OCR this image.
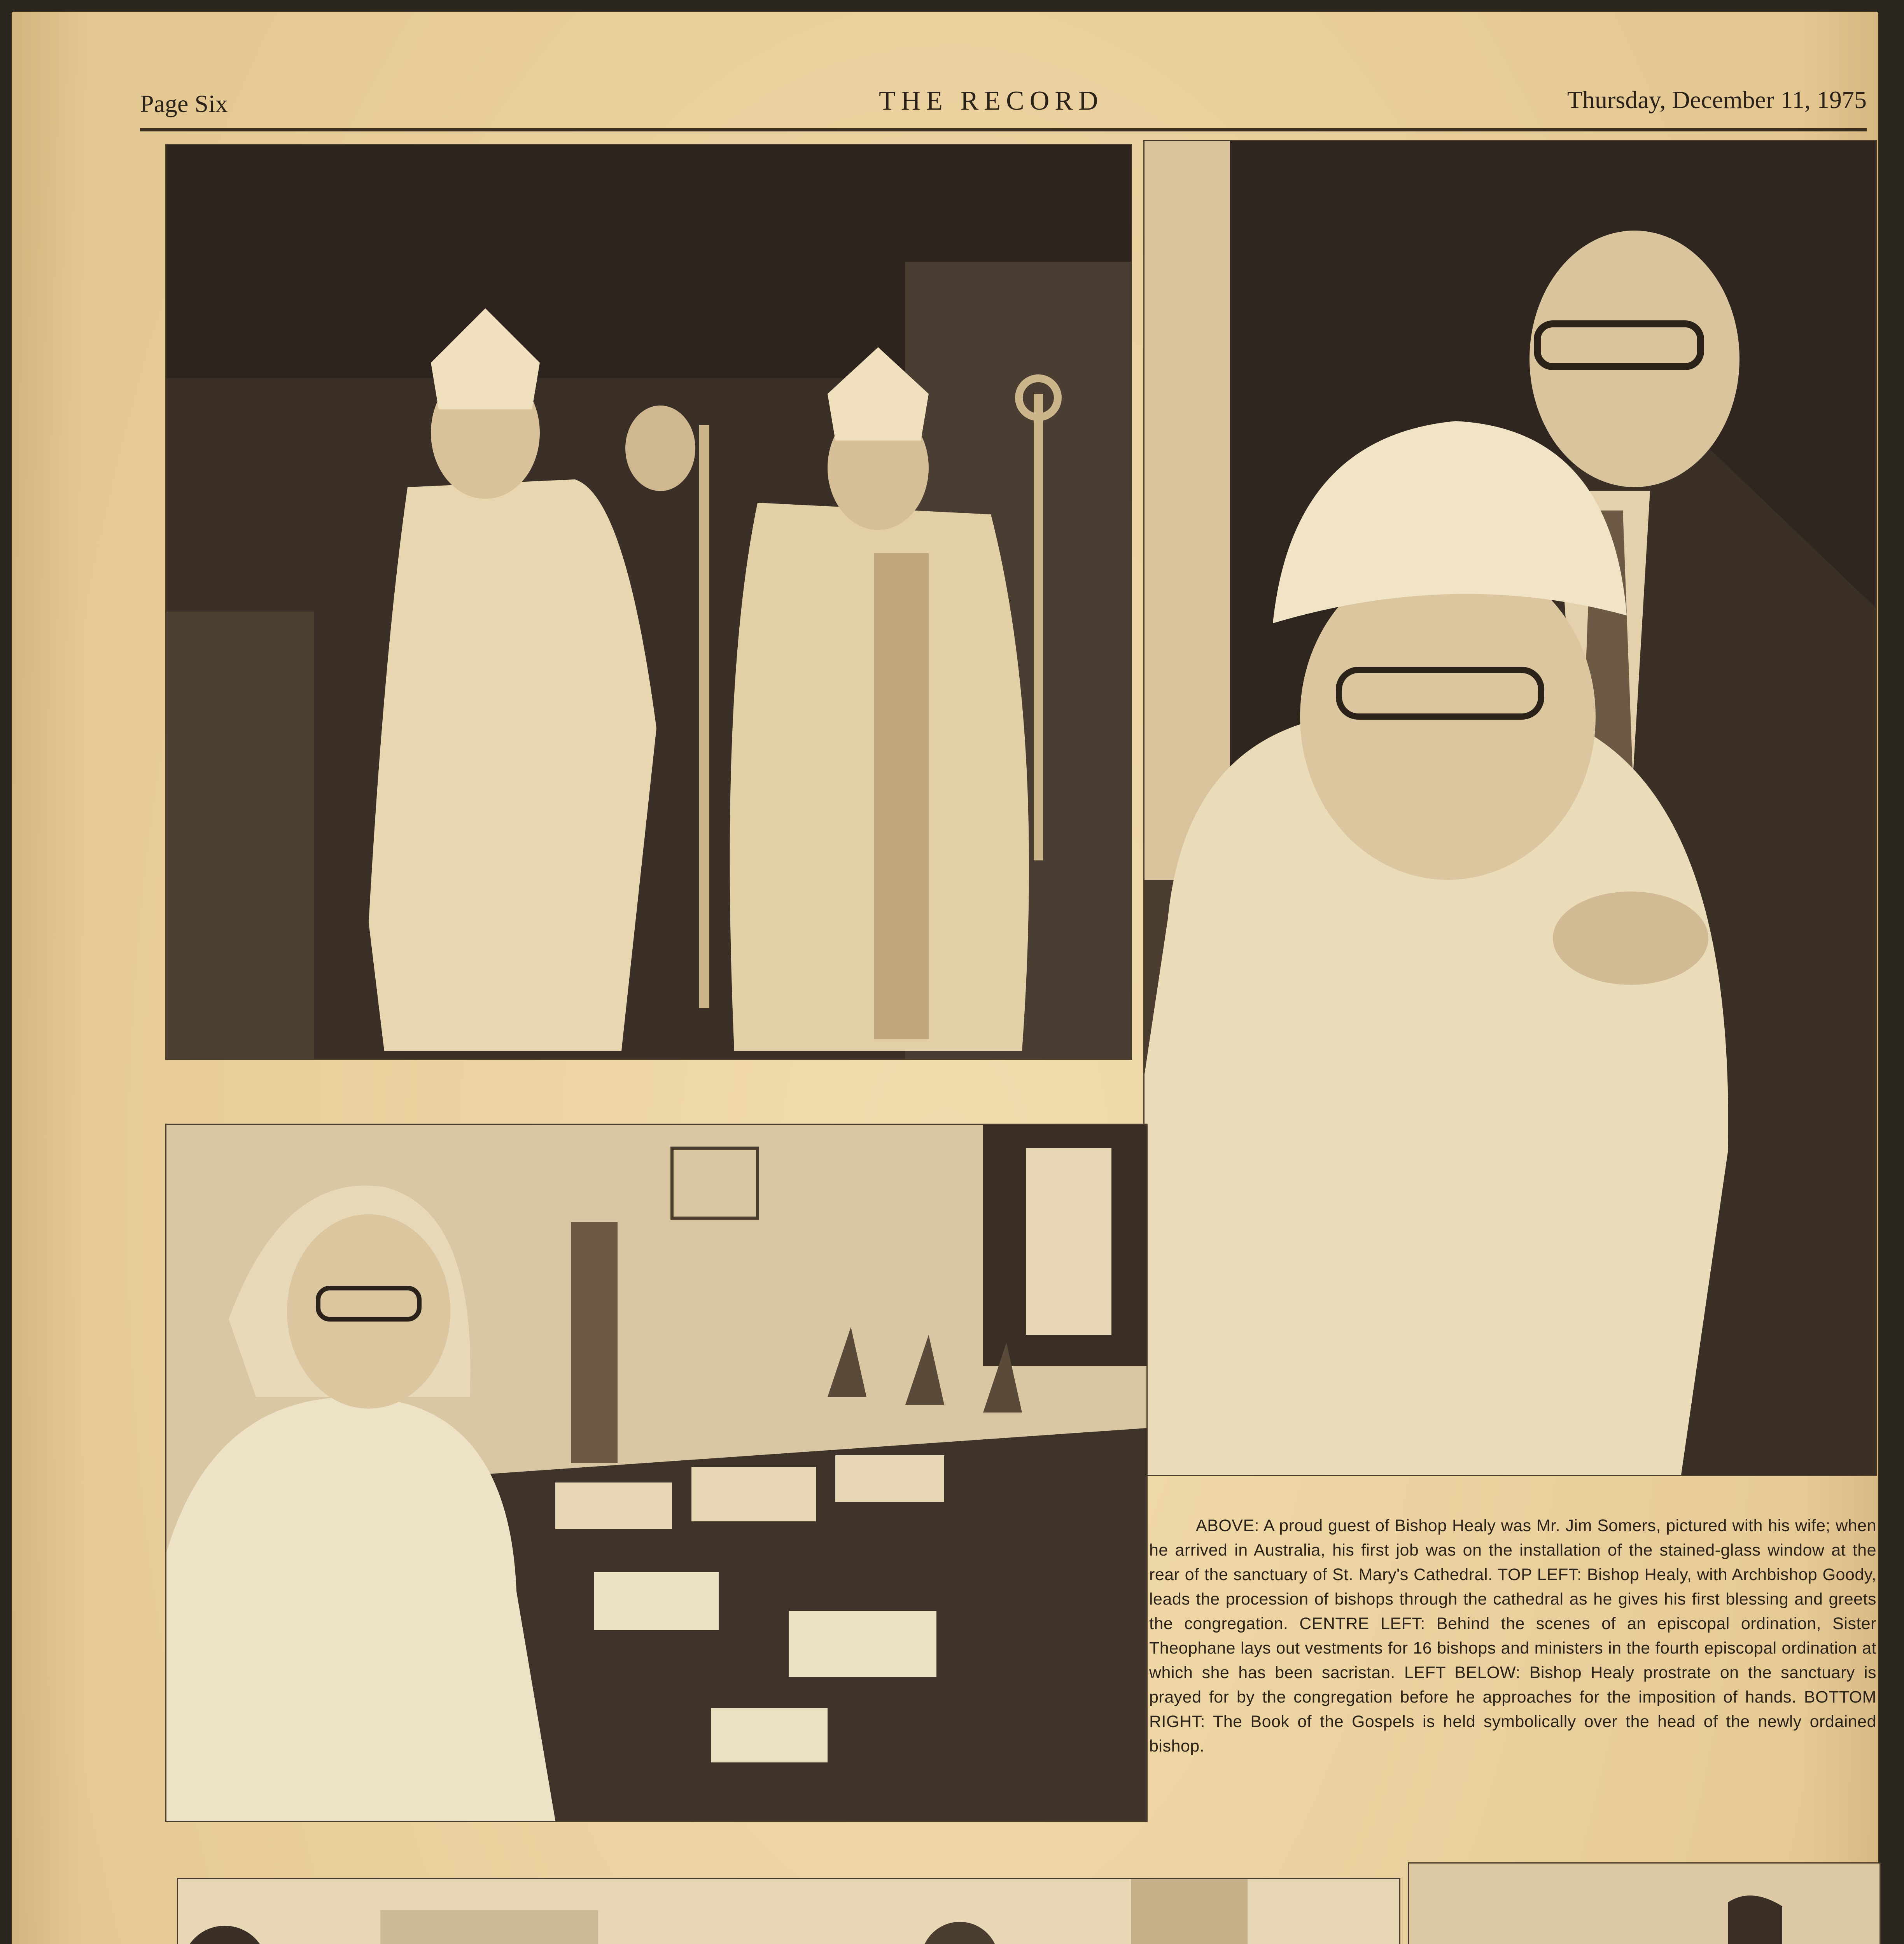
Page Six	THE RECORD	Thursday, December 11, 1975

ABOVE: A proud guest of Bishop Healy was Mr. Jim Somers, pictured with his wife; when he arrived in Australia, his first job was on the installation of the stained-glass window at the rear of the sanctuary of St. Mary's Cathedral. TOP LEFT: Bishop Healy, with Archbishop Goody, leads the procession of bishops through the cathedral as he gives his first blessing and greets the congregation. CENTRE LEFT: Behind the scenes of an episcopal ordination, Sister Theophane lays out vestments for 16 bishops and ministers in the fourth episcopal ordination at which she has been sacristan. LEFT BELOW: Bishop Healy prostrate on the sanctuary is prayed for by the congregation before he approaches for the imposition of hands. BOTTOM RIGHT: The Book of the Gospels is held symbolically over the head of the newly ordained bishop.
